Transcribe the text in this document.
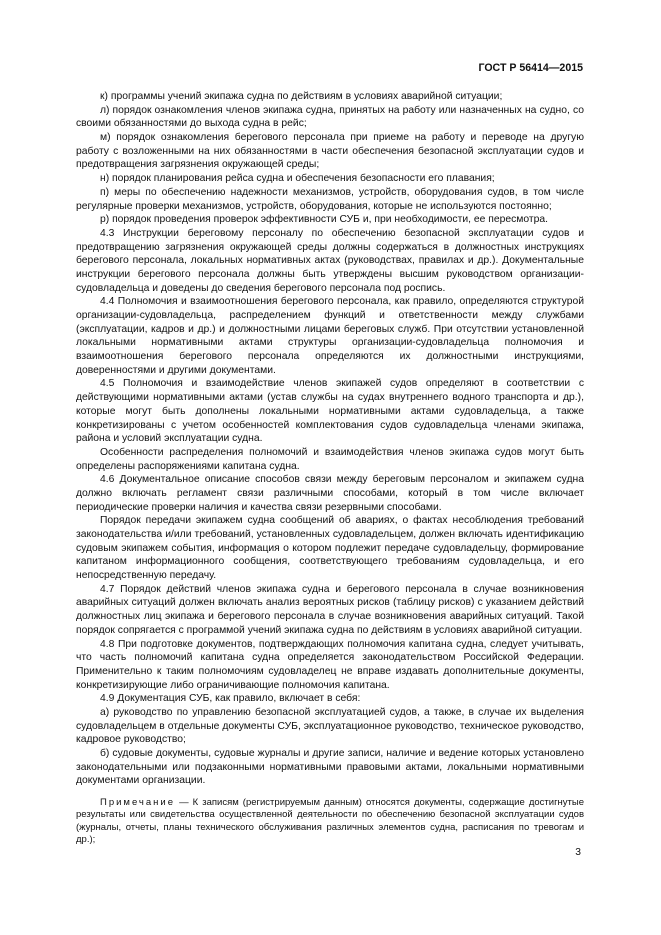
ГОСТ Р 56414—2015

к) программы учений экипажа судна по действиям в условиях аварийной ситуации;

л) порядок ознакомления членов экипажа судна, принятых на работу или назначенных на судно, со своими обязанностями до выхода судна в рейс;

м) порядок ознакомления берегового персонала при приеме на работу и переводе на другую работу с возложенными на них обязанностями в части обеспечения безопасной эксплуатации судов и предотвращения загрязнения окружающей среды;

н) порядок планирования рейса судна и обеспечения безопасности его плавания;

п) меры по обеспечению надежности механизмов, устройств, оборудования судов, в том числе регулярные проверки механизмов, устройств, оборудования, которые не используются постоянно;

р) порядок проведения проверок эффективности СУБ и, при необходимости, ее пересмотра.

4.3 Инструкции береговому персоналу по обеспечению безопасной эксплуатации судов и предотвращению загрязнения окружающей среды должны содержаться в должностных инструкциях берегового персонала, локальных нормативных актах (руководствах, правилах и др.). Документальные инструкции берегового персонала должны быть утверждены высшим руководством организации-судовладельца и доведены до сведения берегового персонала под роспись.

4.4 Полномочия и взаимоотношения берегового персонала, как правило, определяются структурой организации-судовладельца, распределением функций и ответственности между службами (эксплуатации, кадров и др.) и должностными лицами береговых служб. При отсутствии установленной локальными нормативными актами структуры организации-судовладельца полномочия и взаимоотношения берегового персонала определяются их должностными инструкциями, доверенностями и другими документами.

4.5 Полномочия и взаимодействие членов экипажей судов определяют в соответствии с действующими нормативными актами (устав службы на судах внутреннего водного транспорта и др.), которые могут быть дополнены локальными нормативными актами судовладельца, а также конкретизированы с учетом особенностей комплектования судов судовладельца членами экипажа, района и условий эксплуатации судна.

Особенности распределения полномочий и взаимодействия членов экипажа судов могут быть определены распоряжениями капитана судна.

4.6 Документальное описание способов связи между береговым персоналом и экипажем судна должно включать регламент связи различными способами, который в том числе включает периодические проверки наличия и качества связи резервными способами.

Порядок передачи экипажем судна сообщений об авариях, о фактах несоблюдения требований законодательства и/или требований, установленных судовладельцем, должен включать идентификацию судовым экипажем события, информация о котором подлежит передаче судовладельцу, формирование капитаном информационного сообщения, соответствующего требованиям судовладельца, и его непосредственную передачу.

4.7 Порядок действий членов экипажа судна и берегового персонала в случае возникновения аварийных ситуаций должен включать анализ вероятных рисков (таблицу рисков) с указанием действий должностных лиц экипажа и берегового персонала в случае возникновения аварийных ситуаций. Такой порядок сопрягается с программой учений экипажа судна по действиям в условиях аварийной ситуации.

4.8 При подготовке документов, подтверждающих полномочия капитана судна, следует учитывать, что часть полномочий капитана судна определяется законодательством Российской Федерации. Применительно к таким полномочиям судовладелец не вправе издавать дополнительные документы, конкретизирующие либо ограничивающие полномочия капитана.

4.9 Документация СУБ, как правило, включает в себя:

а) руководство по управлению безопасной эксплуатацией судов, а также, в случае их выделения судовладельцем в отдельные документы СУБ, эксплуатационное руководство, техническое руководство, кадровое руководство;

б) судовые документы, судовые журналы и другие записи, наличие и ведение которых установлено законодательными или подзаконными нормативными правовыми актами, локальными нормативными документами организации.

Примечание — К записям (регистрируемым данным) относятся документы, содержащие достигнутые результаты или свидетельства осуществленной деятельности по обеспечению безопасной эксплуатации судов (журналы, отчеты, планы технического обслуживания различных элементов судна, расписания по тревогам и др.);

3
